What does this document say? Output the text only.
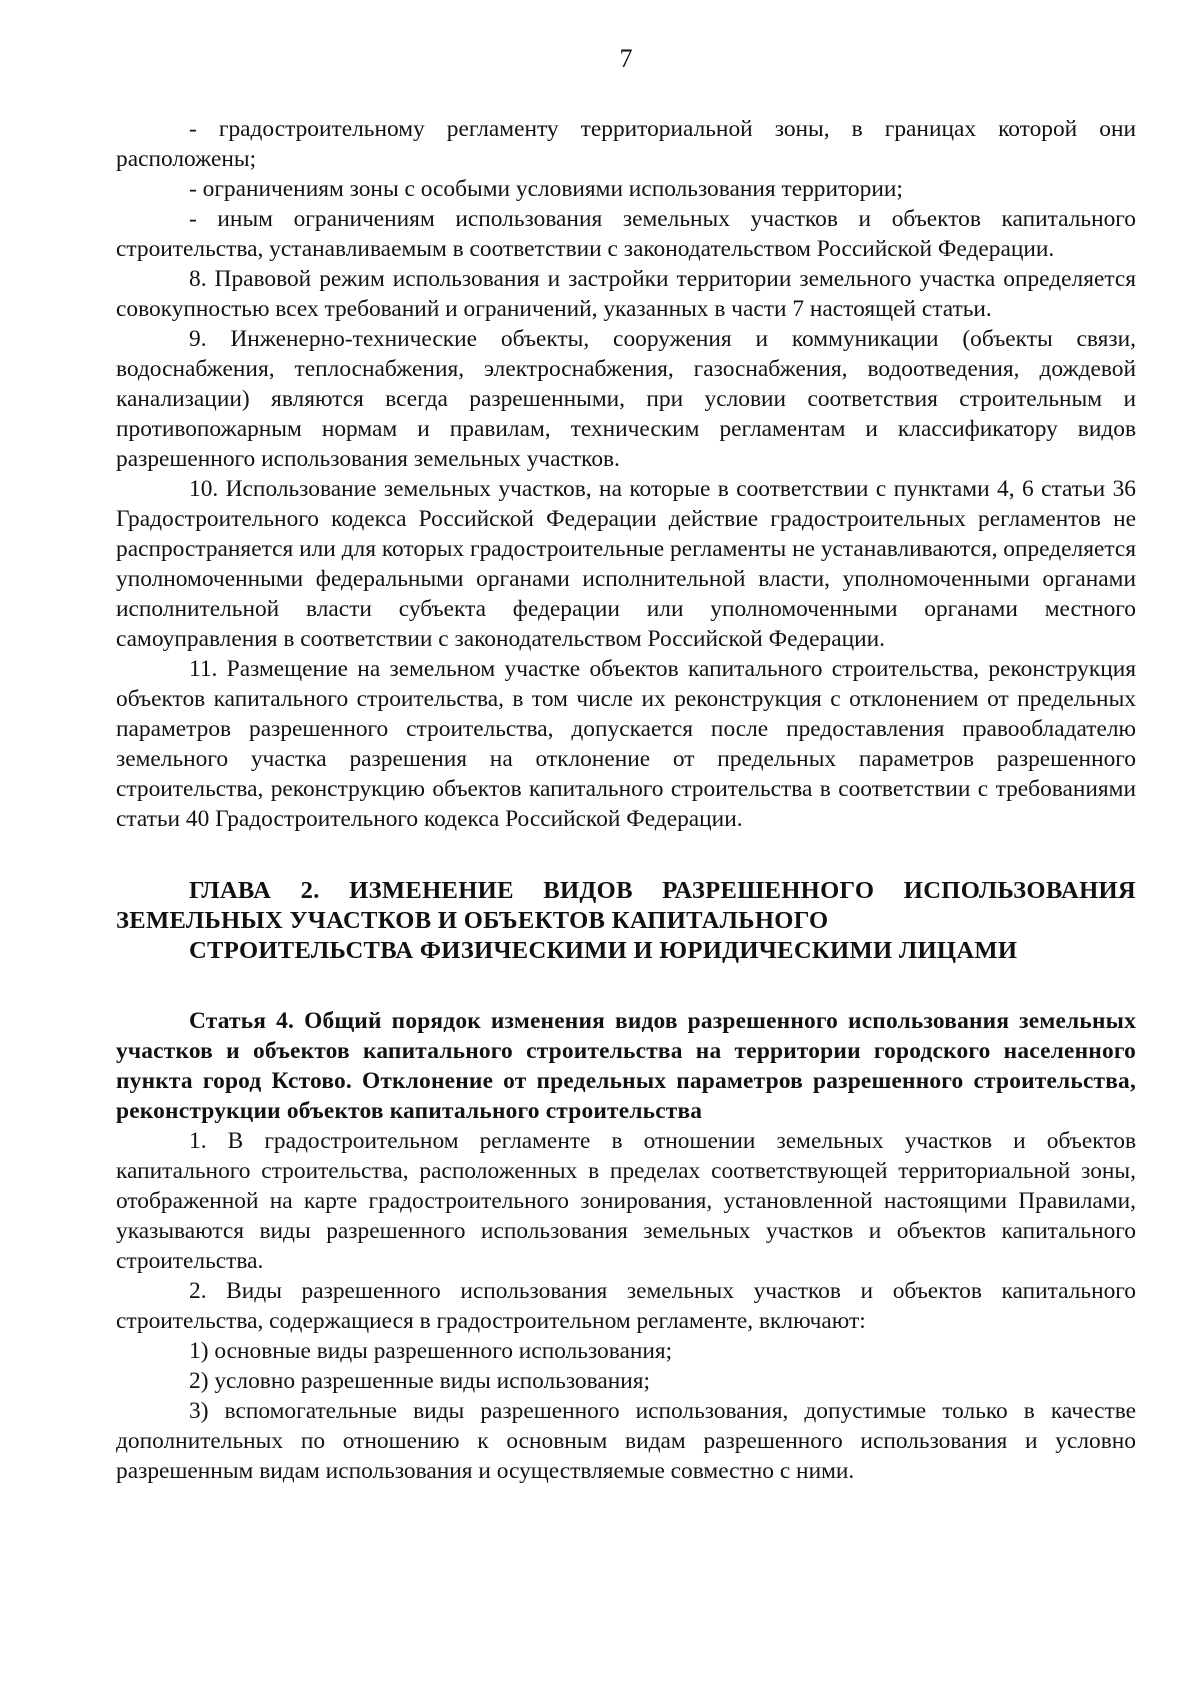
7

- градостроительному регламенту территориальной зоны, в границах которой они расположены;

- ограничениям зоны с особыми условиями использования территории;

- иным ограничениям использования земельных участков и объектов капитального строительства, устанавливаемым в соответствии с законодательством Российской Федерации.

8. Правовой режим использования и застройки территории земельного участка определяется совокупностью всех требований и ограничений, указанных в части 7 настоящей статьи.

9. Инженерно-технические объекты, сооружения и коммуникации (объекты связи, водоснабжения, теплоснабжения, электроснабжения, газоснабжения, водоотведения, дождевой канализации) являются всегда разрешенными, при условии соответствия строительным и противопожарным нормам и правилам, техническим регламентам и классификатору видов разрешенного использования земельных участков.

10. Использование земельных участков, на которые в соответствии с пунктами 4, 6 статьи 36 Градостроительного кодекса Российской Федерации действие градостроительных регламентов не распространяется или для которых градостроительные регламенты не устанавливаются, определяется уполномоченными федеральными органами исполнительной власти, уполномоченными органами исполнительной власти субъекта федерации или уполномоченными органами местного самоуправления в соответствии с законодательством Российской Федерации.

11. Размещение на земельном участке объектов капитального строительства, реконструкция объектов капитального строительства, в том числе их реконструкция с отклонением от предельных параметров разрешенного строительства, допускается после предоставления правообладателю земельного участка разрешения на отклонение от предельных параметров разрешенного строительства, реконструкцию объектов капитального строительства в соответствии с требованиями статьи 40 Градостроительного кодекса Российской Федерации.

ГЛАВА 2. ИЗМЕНЕНИЕ ВИДОВ РАЗРЕШЕННОГО ИСПОЛЬЗОВАНИЯ
ЗЕМЕЛЬНЫХ УЧАСТКОВ И ОБЪЕКТОВ КАПИТАЛЬНОГО
СТРОИТЕЛЬСТВА ФИЗИЧЕСКИМИ И ЮРИДИЧЕСКИМИ ЛИЦАМИ

Статья 4. Общий порядок изменения видов разрешенного использования земельных участков и объектов капитального строительства на территории городского населенного пункта город Кстово. Отклонение от предельных параметров разрешенного строительства, реконструкции объектов капитального строительства

1. В градостроительном регламенте в отношении земельных участков и объектов капитального строительства, расположенных в пределах соответствующей территориальной зоны, отображенной на карте градостроительного зонирования, установленной настоящими Правилами, указываются виды разрешенного использования земельных участков и объектов капитального строительства.

2. Виды разрешенного использования земельных участков и объектов капитального строительства, содержащиеся в градостроительном регламенте, включают:

1) основные виды разрешенного использования;

2) условно разрешенные виды использования;

3) вспомогательные виды разрешенного использования, допустимые только в качестве дополнительных по отношению к основным видам разрешенного использования и условно разрешенным видам использования и осуществляемые совместно с ними.
